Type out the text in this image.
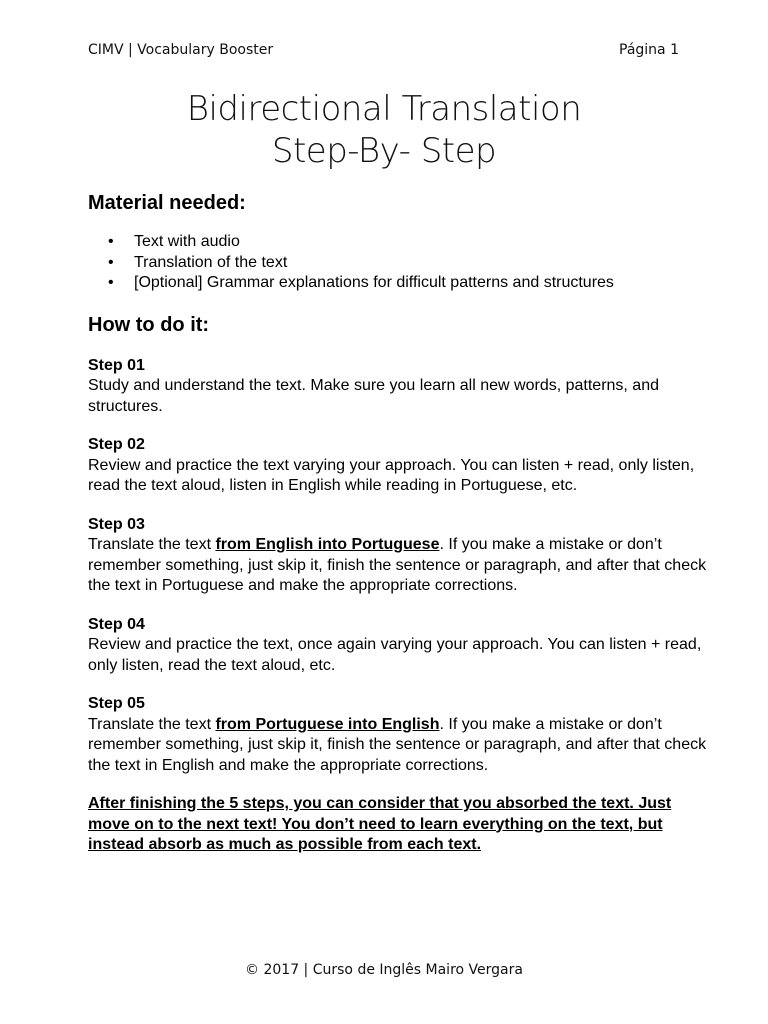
CIMV | Vocabulary Booster	Página 1
Bidirectional Translation
Step-By- Step
Material needed:
• Text with audio
• Translation of the text
• [Optional] Grammar explanations for difficult patterns and structures
How to do it:
Step 01

Study and understand the text. Make sure you learn all new words, patterns, and structures.

Step 02

Review and practice the text varying your approach. You can listen + read, only listen, read the text aloud, listen in English while reading in Portuguese, etc.

Step 03

Translate the text from English into Portuguese. If you make a mistake or don’t remember something, just skip it, finish the sentence or paragraph, and after that check the text in Portuguese and make the appropriate corrections.

Step 04

Review and practice the text, once again varying your approach. You can listen + read, only listen, read the text aloud, etc.

Step 05

Translate the text from Portuguese into English. If you make a mistake or don’t remember something, just skip it, finish the sentence or paragraph, and after that check the text in English and make the appropriate corrections.

After finishing the 5 steps, you can consider that you absorbed the text. Just move on to the next text! You don’t need to learn everything on the text, but instead absorb as much as possible from each text.
© 2017 | Curso de Inglês Mairo Vergara
